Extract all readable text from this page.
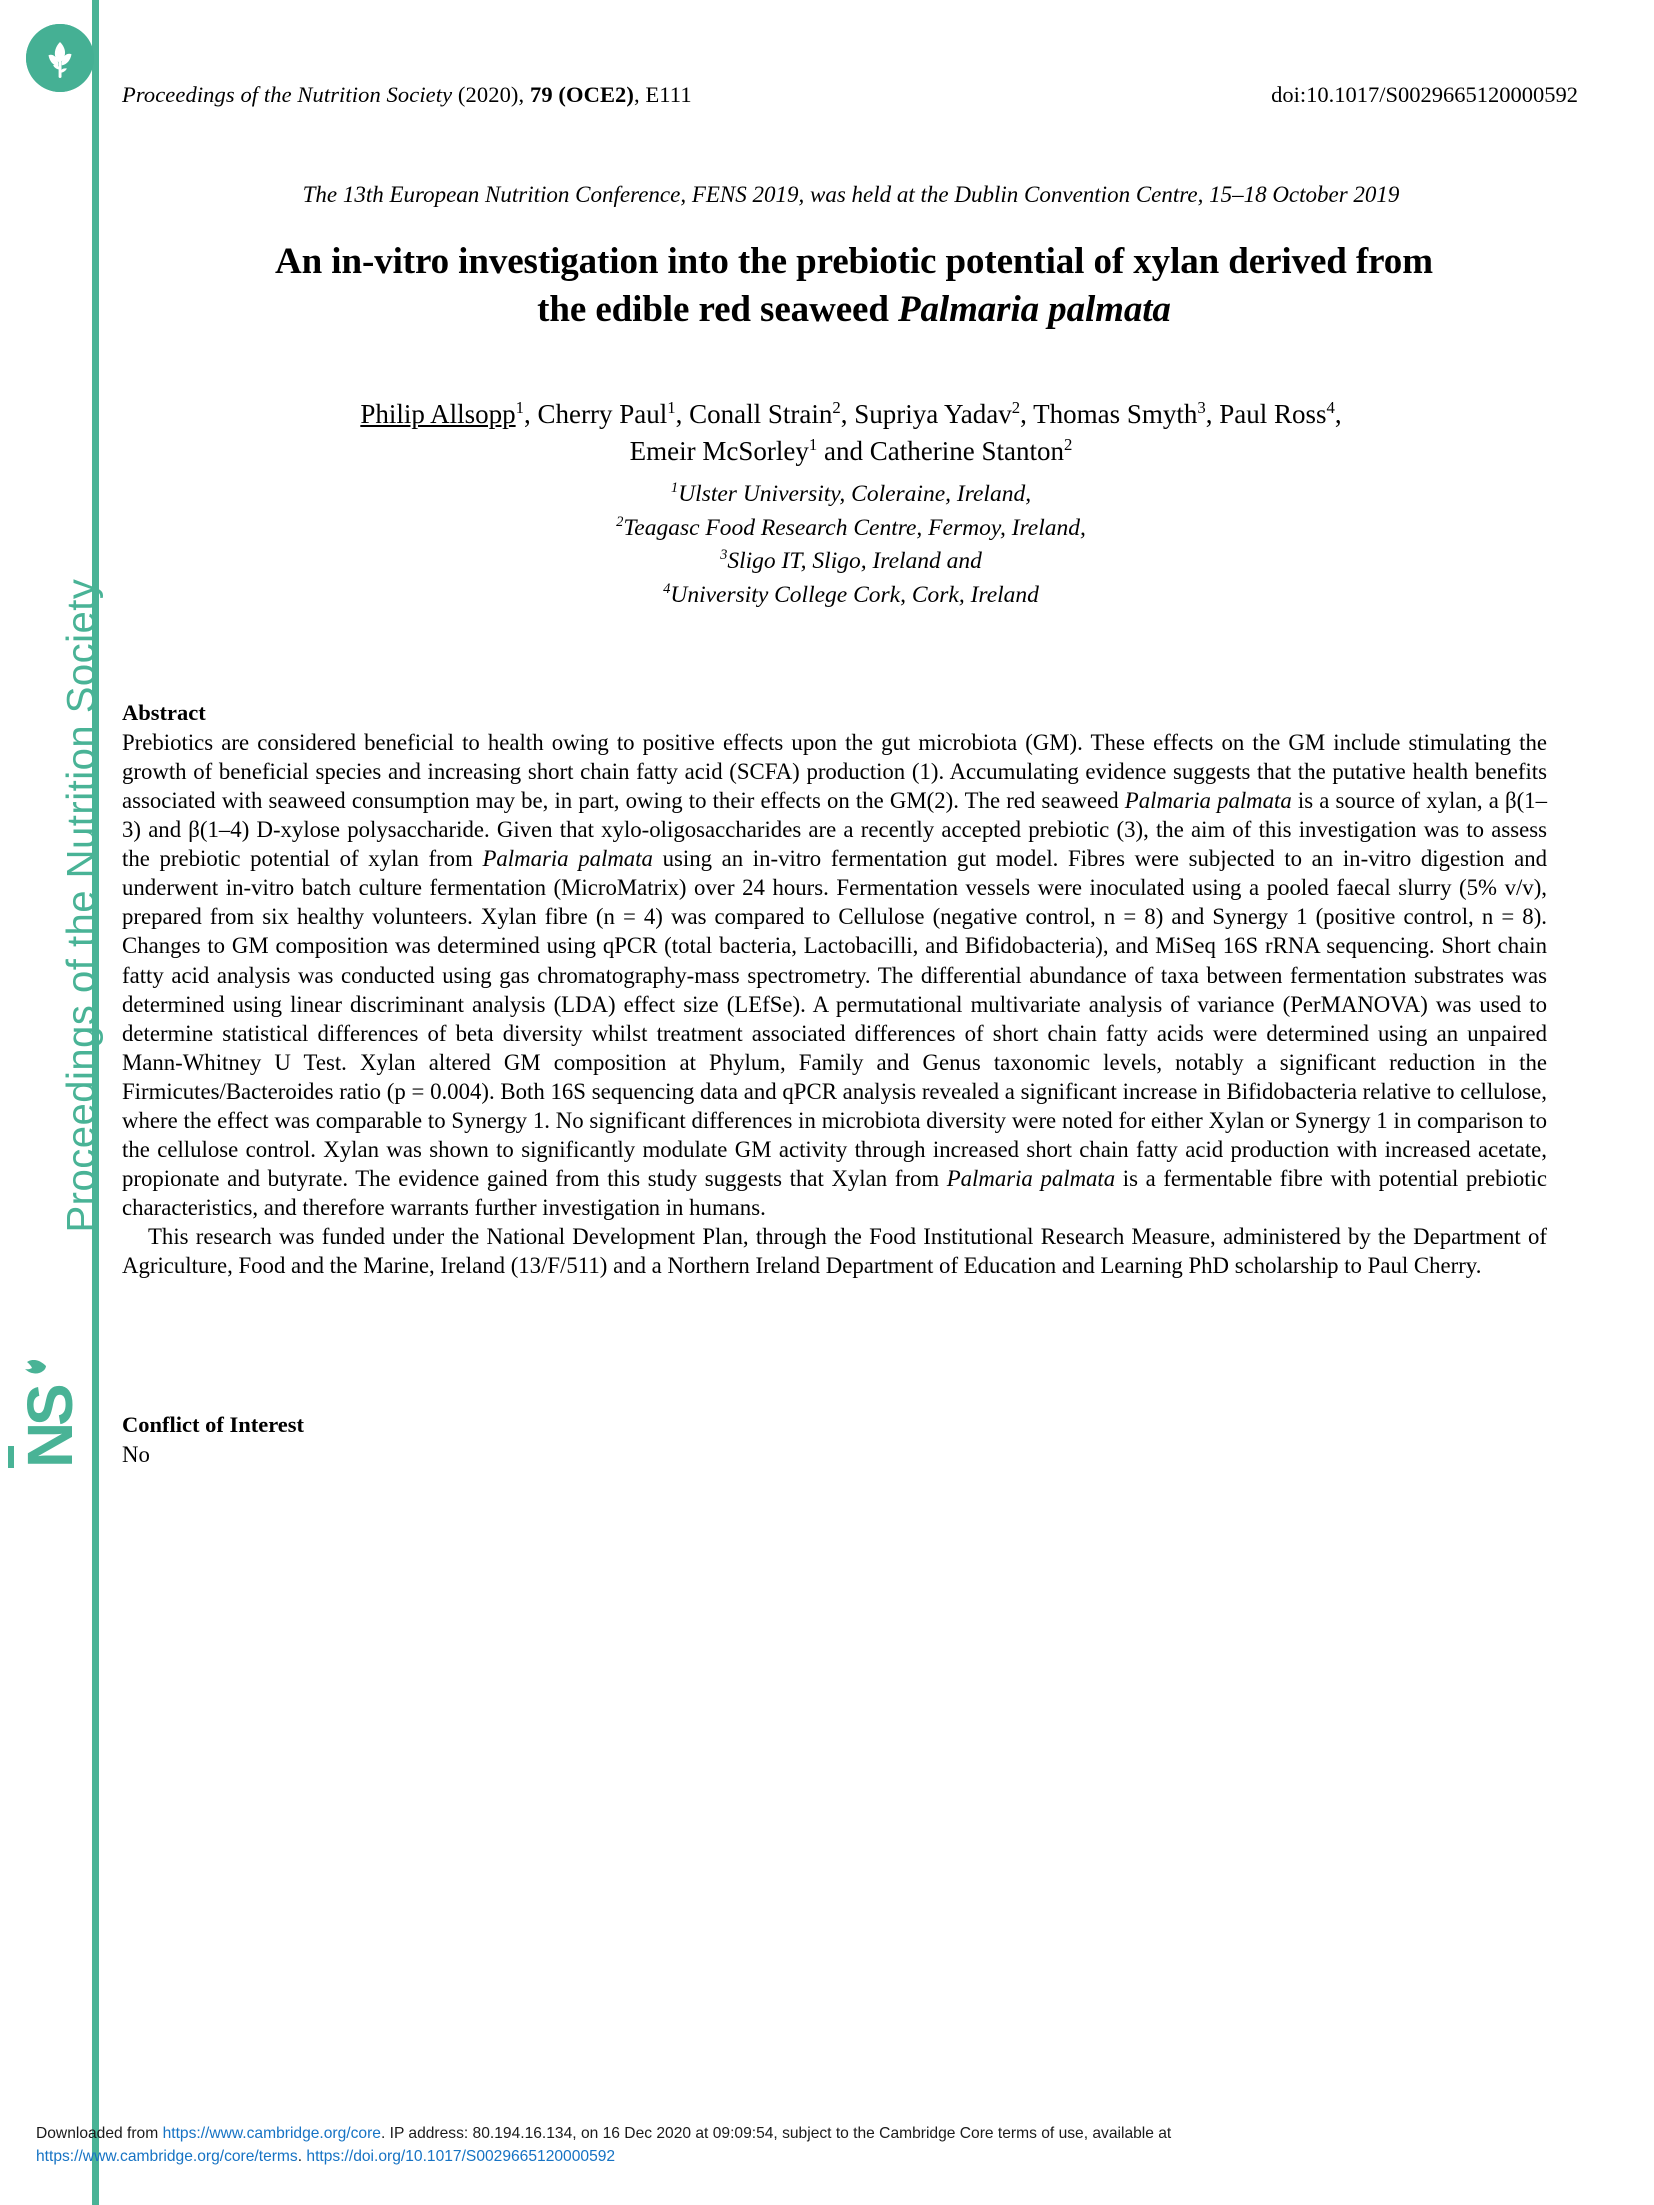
Proceedings of the Nutrition Society
N
S
Proceedings of the Nutrition Society (2020), 79 (OCE2), E111	doi:10.1017/S0029665120000592
The 13th European Nutrition Conference, FENS 2019, was held at the Dublin Convention Centre, 15–18 October 2019
An in-vitro investigation into the prebiotic potential of xylan derived from
the edible red seaweed Palmaria palmata
Philip Allsopp$^1$, Cherry Paul$^1$, Conall Strain$^2$, Supriya Yadav$^2$, Thomas Smyth$^3$, Paul Ross$^4$,
Emeir McSorley$^1$ and Catherine Stanton$^2$
$^1$Ulster University, Coleraine, Ireland,
$^2$Teagasc Food Research Centre, Fermoy, Ireland,
$^3$Sligo IT, Sligo, Ireland and
$^4$University College Cork, Cork, Ireland
Abstract

Prebiotics are considered beneficial to health owing to positive effects upon the gut microbiota (GM). These effects on the GM include stimulating the growth of beneficial species and increasing short chain fatty acid (SCFA) production (1). Accumulating evidence suggests that the putative health benefits associated with seaweed consumption may be, in part, owing to their effects on the GM(2). The red seaweed Palmaria palmata is a source of xylan, a β(1–3) and β(1–4) D-xylose polysaccharide. Given that xylo-oligosaccharides are a recently accepted prebiotic (3), the aim of this investigation was to assess the prebiotic potential of xylan from Palmaria palmata using an in-vitro fermentation gut model. Fibres were subjected to an in-vitro digestion and underwent in-vitro batch culture fermentation (MicroMatrix) over 24 hours. Fermentation vessels were inoculated using a pooled faecal slurry (5% v/v), prepared from six healthy volunteers. Xylan fibre (n = 4) was compared to Cellulose (negative control, n = 8) and Synergy 1 (positive control, n = 8). Changes to GM composition was determined using qPCR (total bacteria, Lactobacilli, and Bifidobacteria), and MiSeq 16S rRNA sequencing. Short chain fatty acid analysis was conducted using gas chromatography-mass spectrometry. The differential abundance of taxa between fermentation substrates was determined using linear discriminant analysis (LDA) effect size (LEfSe). A permutational multivariate analysis of variance (PerMANOVA) was used to determine statistical differences of beta diversity whilst treatment associated differences of short chain fatty acids were determined using an unpaired Mann-Whitney U Test. Xylan altered GM composition at Phylum, Family and Genus taxonomic levels, notably a significant reduction in the Firmicutes/Bacteroides ratio (p = 0.004). Both 16S sequencing data and qPCR analysis revealed a significant increase in Bifidobacteria relative to cellulose, where the effect was comparable to Synergy 1. No significant differences in microbiota diversity were noted for either Xylan or Synergy 1 in comparison to the cellulose control. Xylan was shown to significantly modulate GM activity through increased short chain fatty acid production with increased acetate, propionate and butyrate. The evidence gained from this study suggests that Xylan from Palmaria palmata is a fermentable fibre with potential prebiotic characteristics, and therefore warrants further investigation in humans.

This research was funded under the National Development Plan, through the Food Institutional Research Measure, administered by the Department of Agriculture, Food and the Marine, Ireland (13/F/511) and a Northern Ireland Department of Education and Learning PhD scholarship to Paul Cherry.

Conflict of Interest

No

Downloaded from https://www.cambridge.org/core. IP address: 80.194.16.134, on 16 Dec 2020 at 09:09:54, subject to the Cambridge Core terms of use, available at
https://www.cambridge.org/core/terms. https://doi.org/10.1017/S0029665120000592
